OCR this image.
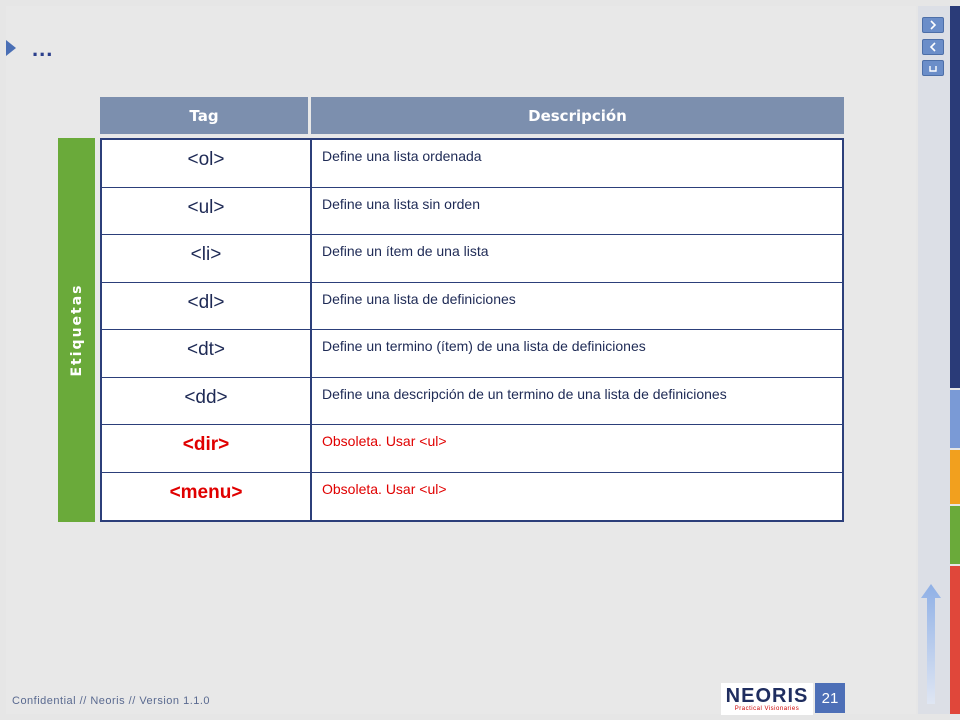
...
Tag	Descripción
Etiquetas
<ol>	Define una lista ordenada
<ul>	Define una lista sin orden
<li>	Define un ítem de una lista
<dl>	Define una lista de definiciones
<dt>	Define un termino (ítem) de una lista de definiciones
<dd>	Define una descripción de un termino de una lista de definiciones
<dir>	Obsoleta. Usar <ul>
<menu>	Obsoleta. Usar <ul>
Confidential // Neoris // Version 1.1.0	NEORIS
Practical Visionaries
21
